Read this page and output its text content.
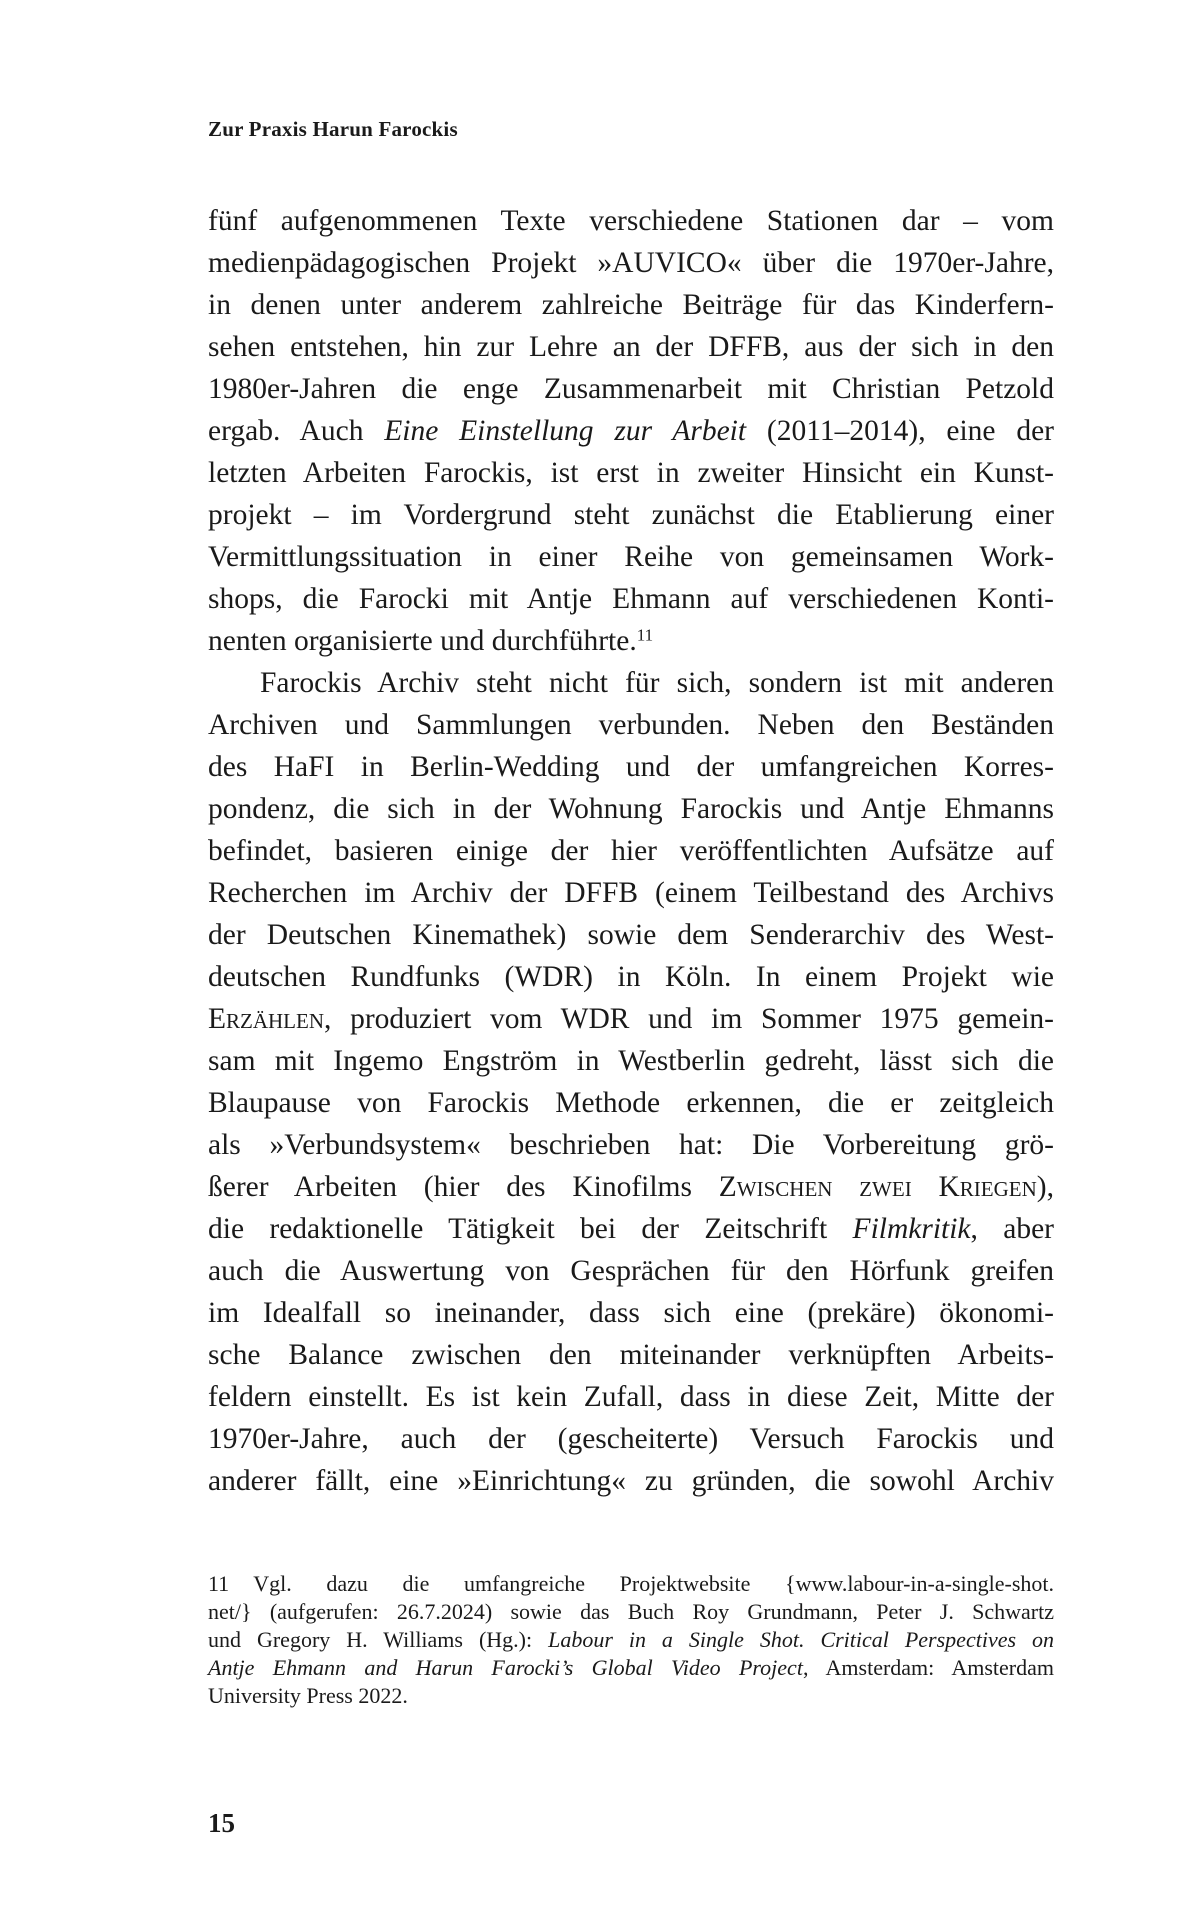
Zur Praxis Harun Farockis
fünf aufgenommenen Texte verschiedene Stationen dar – vom
medienpädagogischen Projekt »AUVICO« über die 1970er-Jahre,
in denen unter anderem zahlreiche Beiträge für das Kinderfern-
sehen entstehen, hin zur Lehre an der DFFB, aus der sich in den
1980er-Jahren die enge Zusammenarbeit mit Christian Petzold
ergab. Auch Eine Einstellung zur Arbeit (2011–2014), eine der
letzten Arbeiten Farockis, ist erst in zweiter Hinsicht ein Kunst-
projekt – im Vordergrund steht zunächst die Etablierung einer
Vermittlungssituation in einer Reihe von gemeinsamen Work-
shops, die Farocki mit Antje Ehmann auf verschiedenen Konti-
nenten organisierte und durchführte.$^{11}$
Farockis Archiv steht nicht für sich, sondern ist mit anderen
Archiven und Sammlungen verbunden. Neben den Beständen
des HaFI in Berlin-Wedding und der umfangreichen Korres-
pondenz, die sich in der Wohnung Farockis und Antje Ehmanns
befindet, basieren einige der hier veröffentlichten Aufsätze auf
Recherchen im Archiv der DFFB (einem Teilbestand des Archivs
der Deutschen Kinemathek) sowie dem Senderarchiv des West-
deutschen Rundfunks (WDR) in Köln. In einem Projekt wie
Erzählen, produziert vom WDR und im Sommer 1975 gemein-
sam mit Ingemo Engström in Westberlin gedreht, lässt sich die
Blaupause von Farockis Methode erkennen, die er zeitgleich
als »Verbundsystem« beschrieben hat: Die Vorbereitung grö-
ßerer Arbeiten (hier des Kinofilms Zwischen zwei Kriegen),
die redaktionelle Tätigkeit bei der Zeitschrift Filmkritik, aber
auch die Auswertung von Gesprächen für den Hörfunk greifen
im Idealfall so ineinander, dass sich eine (prekäre) ökonomi-
sche Balance zwischen den miteinander verknüpften Arbeits-
feldern einstellt. Es ist kein Zufall, dass in diese Zeit, Mitte der
1970er-Jahre, auch der (gescheiterte) Versuch Farockis und
anderer fällt, eine »Einrichtung« zu gründen, die sowohl Archiv
11 Vgl. dazu die umfangreiche Projektwebsite {www.labour-in-a-single-shot.
net/} (aufgerufen: 26.7.2024) sowie das Buch Roy Grundmann, Peter J. Schwartz
und Gregory H. Williams (Hg.): Labour in a Single Shot. Critical Perspectives on
Antje Ehmann and Harun Farocki’s Global Video Project, Amsterdam: Amsterdam
University Press 2022.
15
